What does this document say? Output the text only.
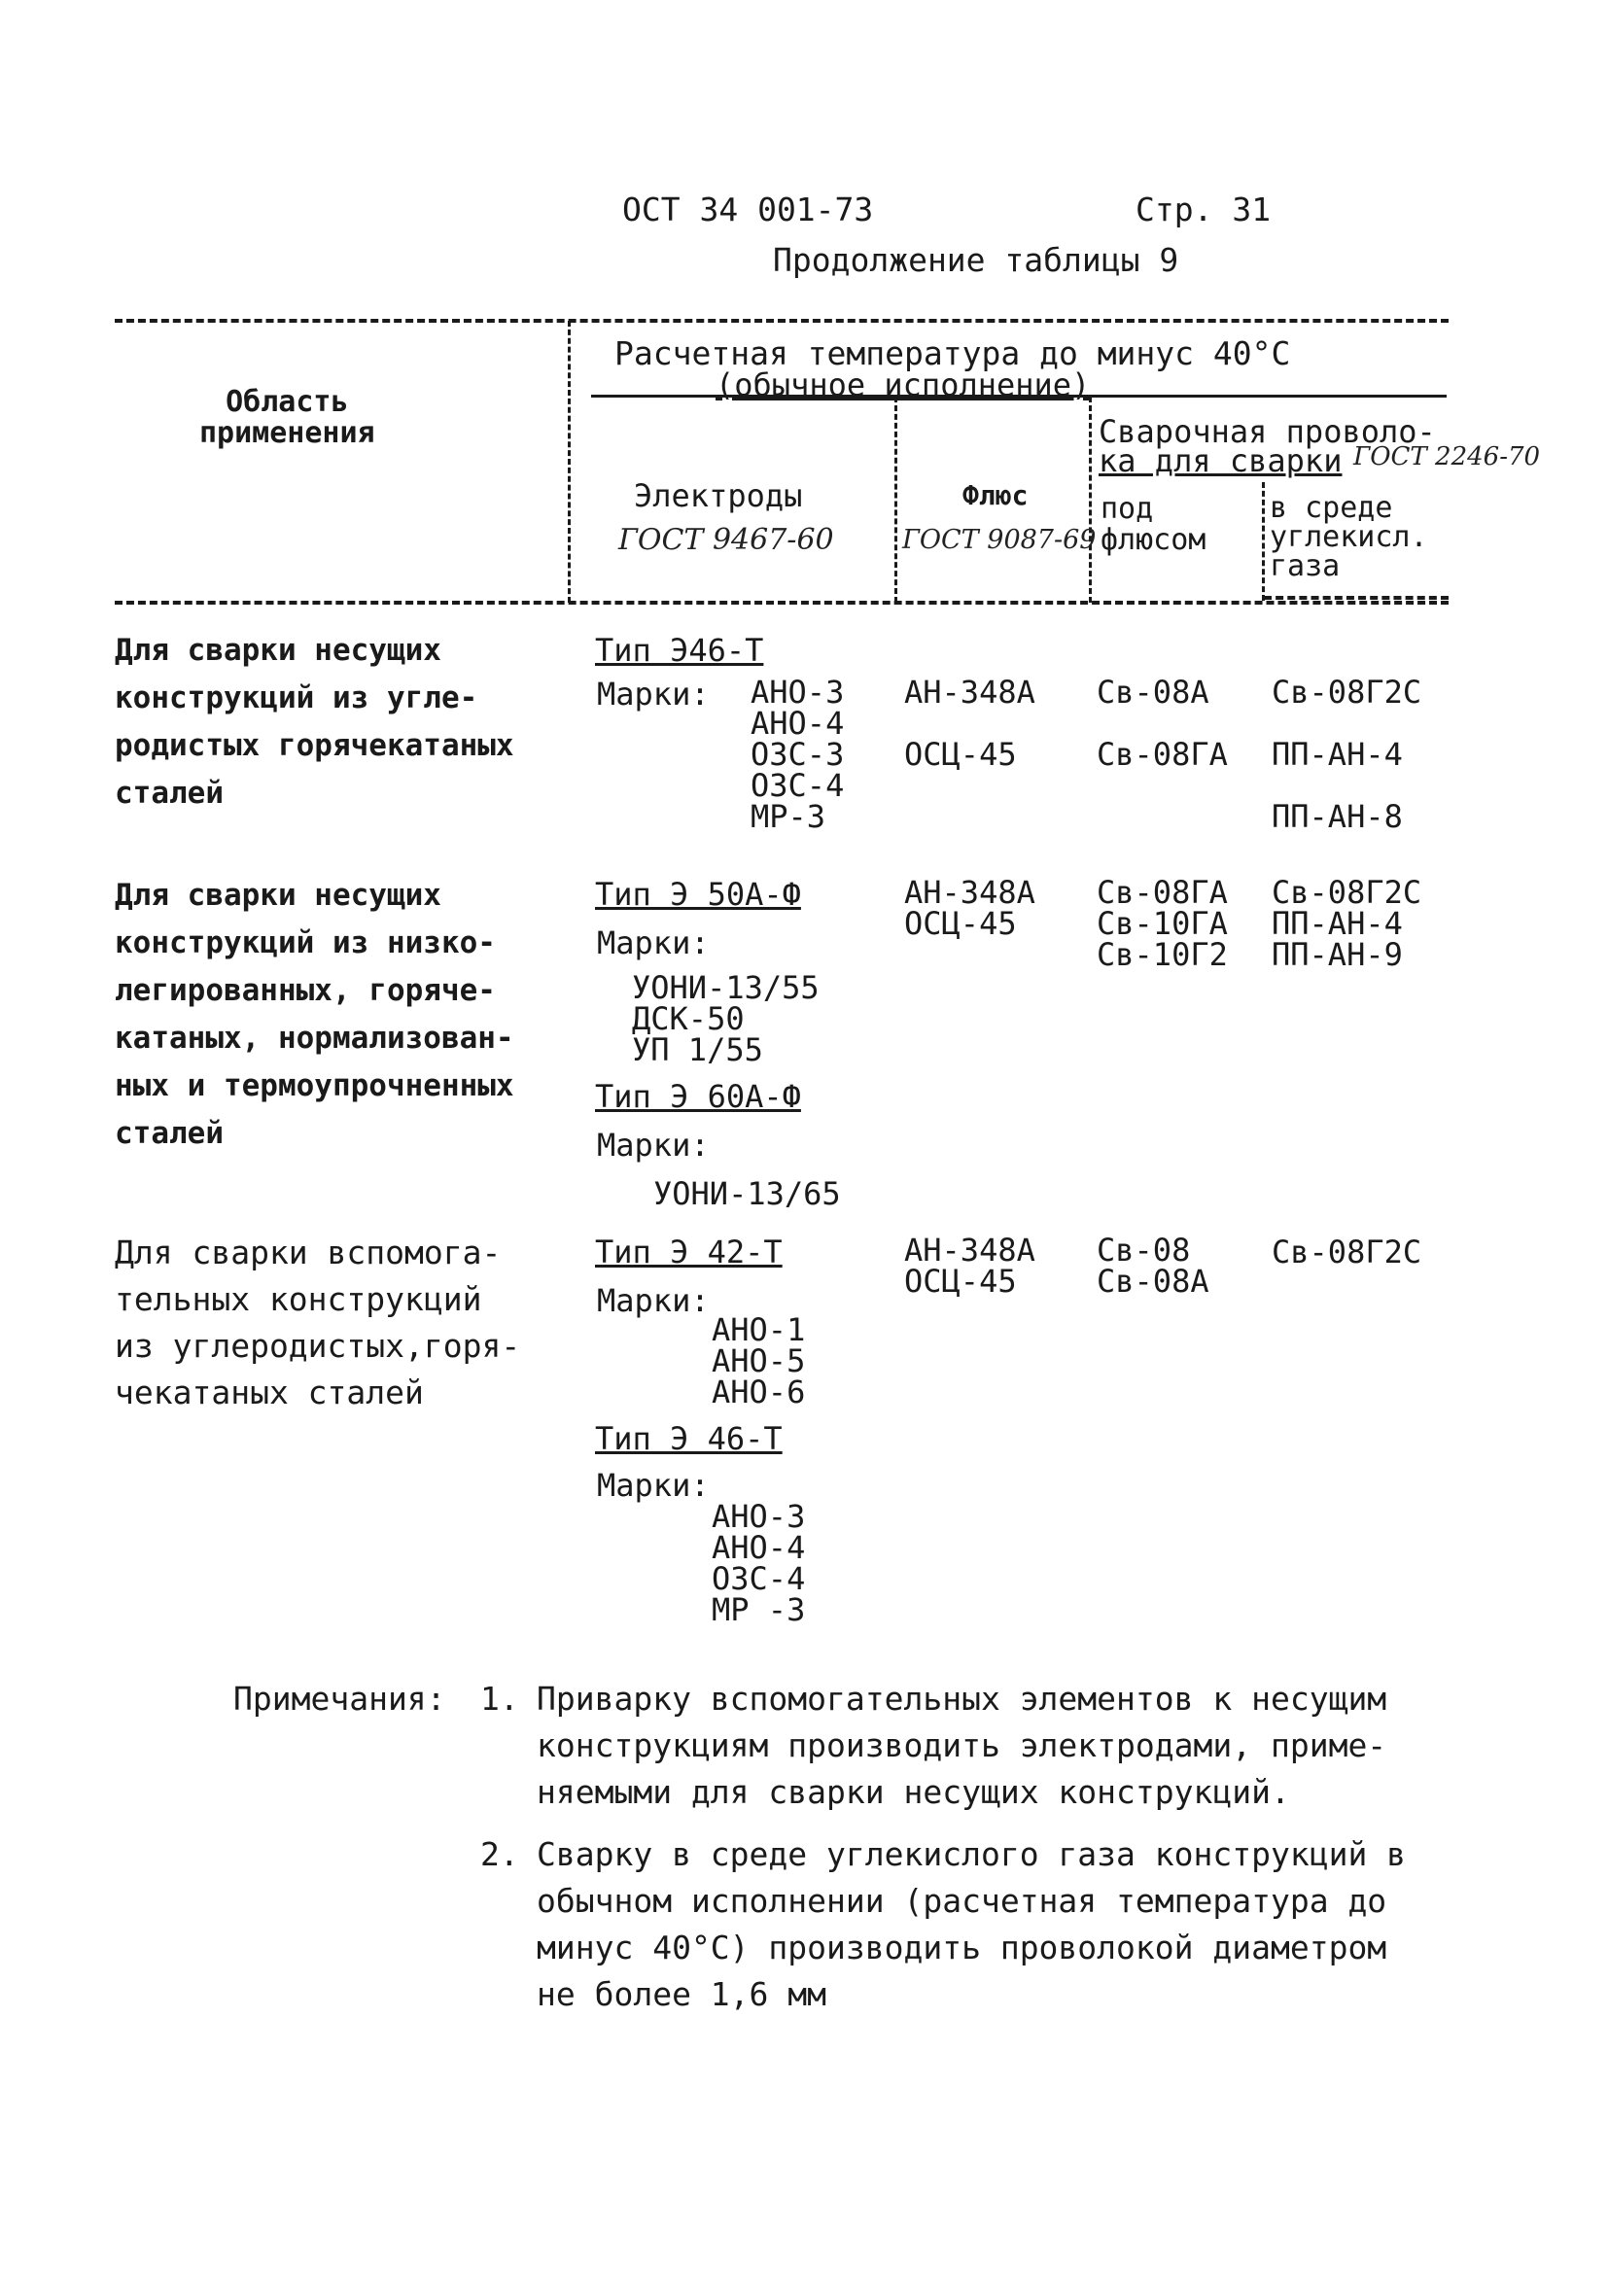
ОСТ 34 001-73	Стр. 31
Продолжение таблицы 9
Область
применения
Расчетная температура до минус 40°С
(обычное исполнение)
Электроды
ГОСТ 9467-60
Флюс
ГОСТ 9087-69
Сварочная проволо-
ка для сварки ГОСТ 2246-70
под
флюсом
в среде
углекисл.
газа
Для сварки несущих
конструкций из угле-
родистых горячекатаных
сталей
Тип Э46-Т
Марки: АНО-3
АНО-4
ОЗС-3
ОЗС-4
МР-3
АН-348А

ОСЦ-45
Св-08А

Св-08ГА
Св-08Г2С

ПП-АН-4

ПП-АН-8
Для сварки несущих
конструкций из низко-
легированных, горяче-
катаных, нормализован-
ных и термоупрочненных
сталей
Тип Э 50А-Ф
Марки:
УОНИ-13/55
ДСК-50
УП 1/55
Тип Э 60А-Ф
Марки:
УОНИ-13/65
АН-348А
ОСЦ-45
Св-08ГА
Св-10ГА
Св-10Г2
Св-08Г2С
ПП-АН-4
ПП-АН-9
Для сварки вспомога-
тельных конструкций
из углеродистых,горя-
чекатаных сталей
Тип Э 42-Т
Марки:
АНО-1
АНО-5
АНО-6
Тип Э 46-Т
Марки:
АНО-3
АНО-4
ОЗС-4
МР -3
АН-348А
ОСЦ-45
Св-08
Св-08А
Св-08Г2С
Примечания: 1. Приварку вспомогательных элементов к несущим
конструкциям производить электродами, приме-
няемыми для сварки несущих конструкций.
2. Сварку в среде углекислого газа конструкций в
обычном исполнении (расчетная температура до
минус 40°С) производить проволокой диаметром
не более 1,6 мм
